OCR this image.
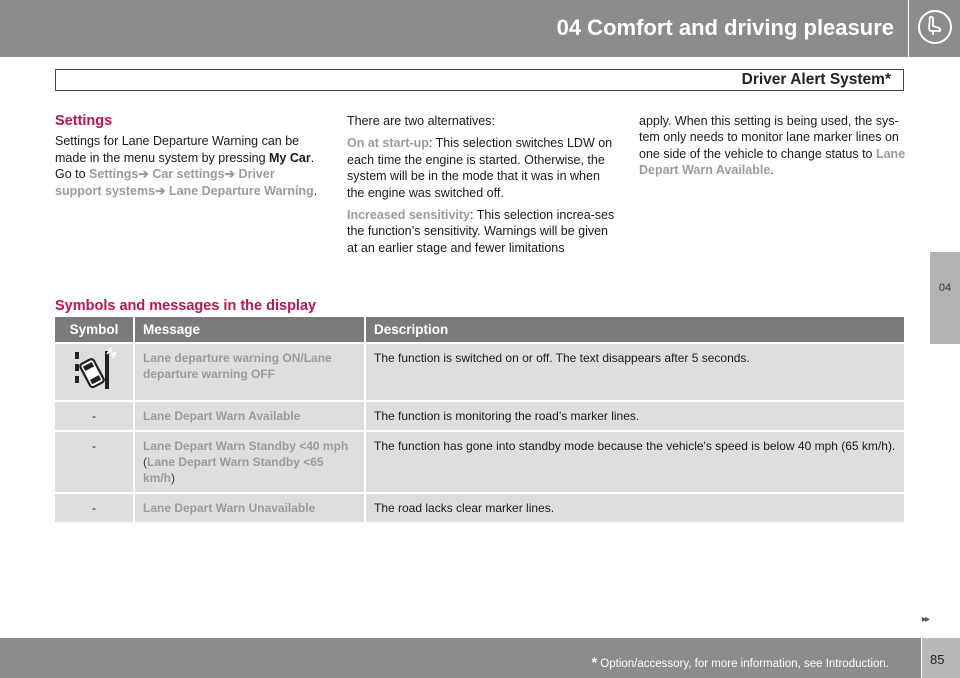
04 Comfort and driving pleasure
Driver Alert System*
04
Settings

Settings for Lane Departure Warning can be made in the menu system by pressing My Car. Go to Settings➔ Car settings➔ Driver support systems➔ Lane Departure Warning.

There are two alternatives:

On at start-up: This selection switches LDW on each time the engine is started. Otherwise, the system will be in the mode that it was in when the engine was switched off.

Increased sensitivity: This selection increa-ses the function’s sensitivity. Warnings will be given at an earlier stage and fewer limitations

apply. When this setting is being used, the sys-tem only needs to monitor lane marker lines on one side of the vehicle to change status to Lane Depart Warn Available.

Symbols and messages in the display
Symbol	Message	Description
	Lane departure warning ON/Lane departure warning OFF	The function is switched on or off. The text disappears after 5 seconds.
-	Lane Depart Warn Available	The function is monitoring the road’s marker lines.
-	Lane Depart Warn Standby <40 mph (Lane Depart Warn Standby <65 km/h)	The function has gone into standby mode because the vehicle's speed is below 40 mph (65 km/h).
-	Lane Depart Warn Unavailable	The road lacks clear marker lines.
▸▸
* Option/accessory, for more information, see Introduction.	85
